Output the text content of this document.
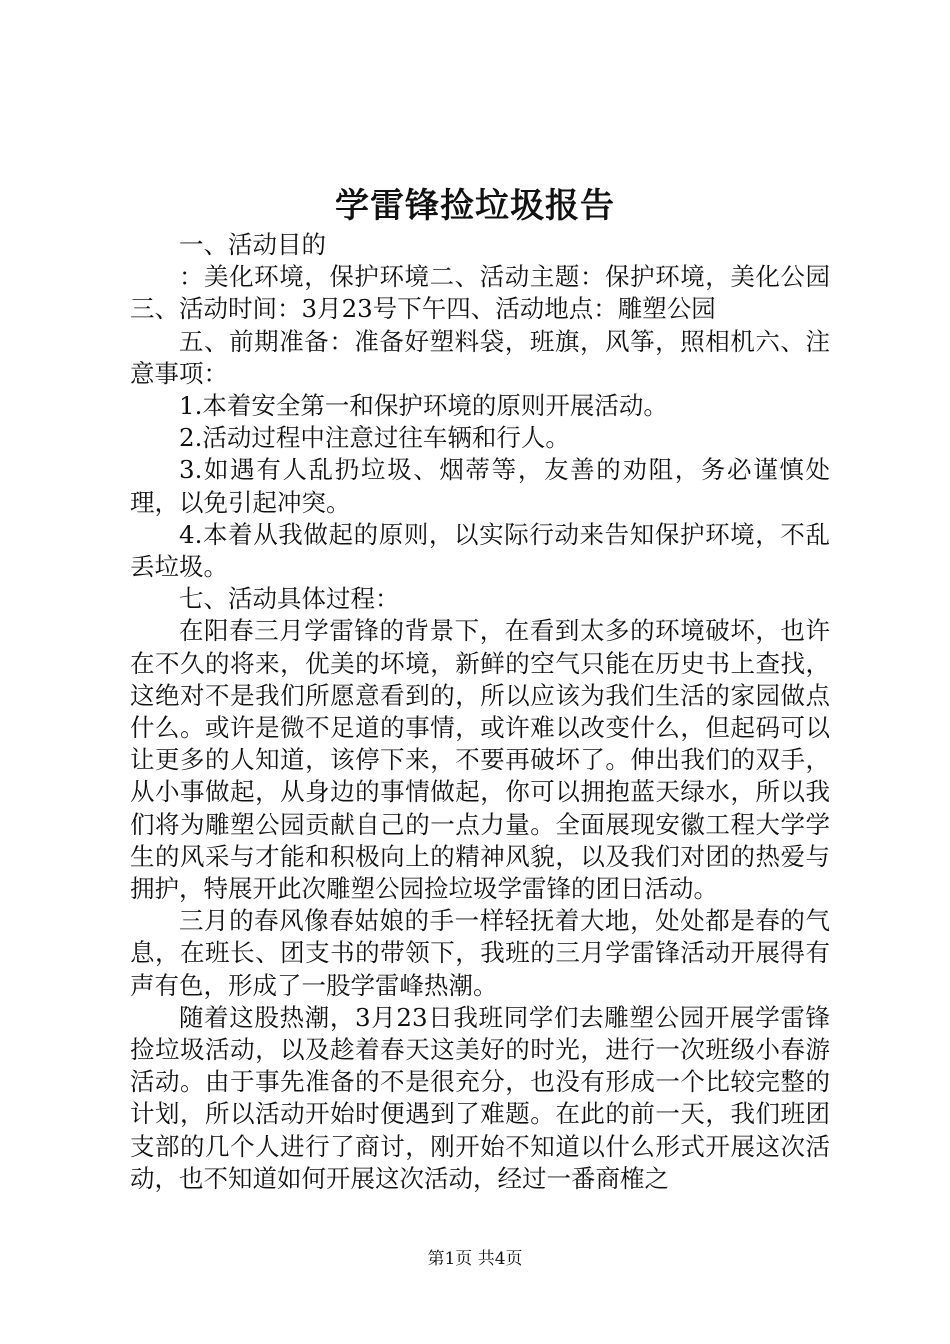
学雷锋捡垃圾报告

一、活动目的

：美化环境，保护环境二、活动主题：保护环境，美化公园三、活动时间：3月23号下午四、活动地点：雕塑公园

五、前期准备：准备好塑料袋，班旗，风筝，照相机六、注意事项：

1.本着安全第一和保护环境的原则开展活动。

2.活动过程中注意过往车辆和行人。

3.如遇有人乱扔垃圾、烟蒂等，友善的劝阻，务必谨慎处理，以免引起冲突。

4.本着从我做起的原则，以实际行动来告知保护环境，不乱丢垃圾。

七、活动具体过程：

在阳春三月学雷锋的背景下，在看到太多的环境破坏，也许在不久的将来，优美的坏境，新鲜的空气只能在历史书上查找，这绝对不是我们所愿意看到的，所以应该为我们生活的家园做点什么。或许是微不足道的事情，或许难以改变什么，但起码可以让更多的人知道，该停下来，不要再破坏了。伸出我们的双手，从小事做起，从身边的事情做起，你可以拥抱蓝天绿水，所以我们将为雕塑公园贡献自己的一点力量。全面展现安徽工程大学学生的风采与才能和积极向上的精神风貌，以及我们对团的热爱与拥护，特展开此次雕塑公园捡垃圾学雷锋的团日活动。

三月的春风像春姑娘的手一样轻抚着大地，处处都是春的气息，在班长、团支书的带领下，我班的三月学雷锋活动开展得有声有色，形成了一股学雷峰热潮。

随着这股热潮，3月23日我班同学们去雕塑公园开展学雷锋捡垃圾活动，以及趁着春天这美好的时光，进行一次班级小春游活动。由于事先准备的不是很充分，也没有形成一个比较完整的计划，所以活动开始时便遇到了难题。在此的前一天，我们班团支部的几个人进行了商讨，刚开始不知道以什么形式开展这次活动，也不知道如何开展这次活动，经过一番商榷之

第1页 共4页
